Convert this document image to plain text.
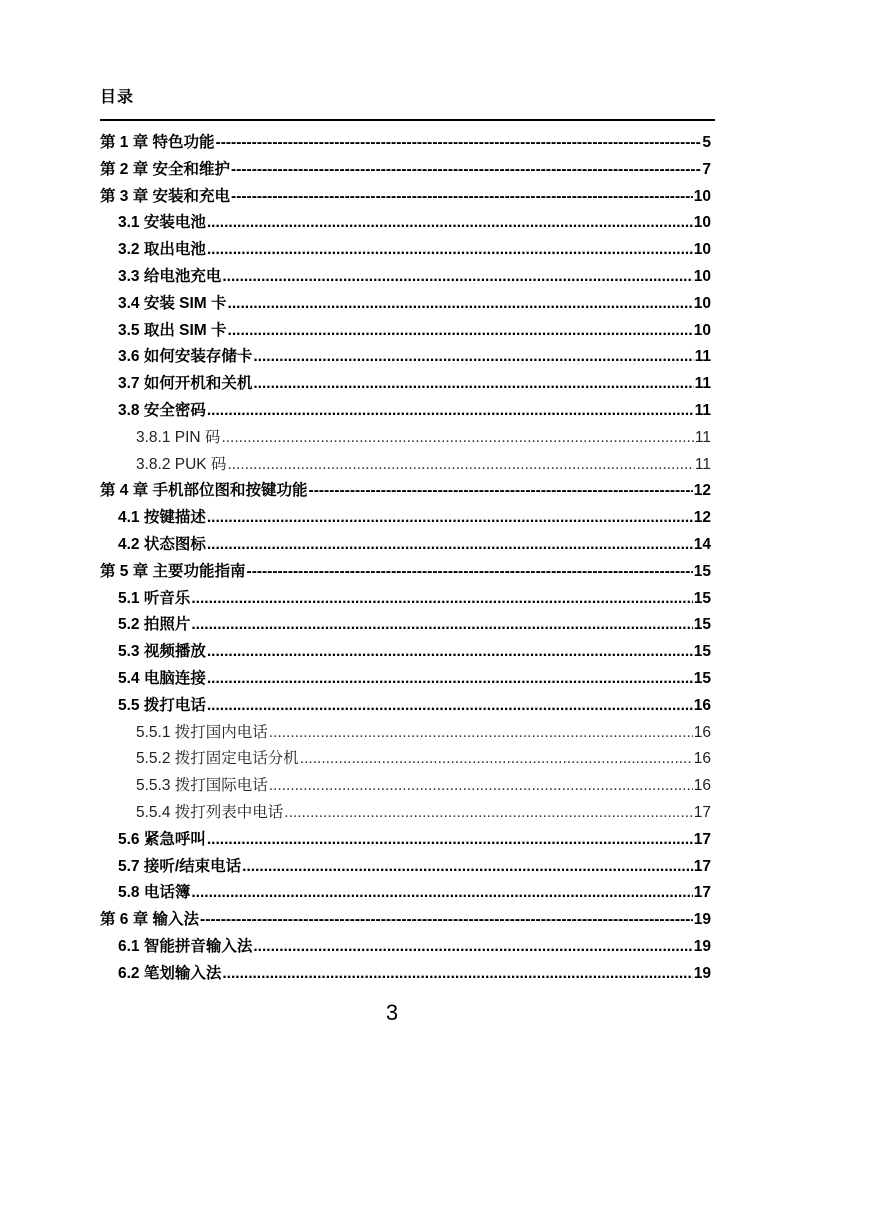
目录
第 1 章 特色功能 -----	5
第 2 章 安全和维护 -----	7
第 3 章 安装和充电 -----	10
3.1 安装电池 .....	10
3.2 取出电池 .....	10
3.3 给电池充电 .....	10
3.4 安装 SIM 卡 .....	10
3.5 取出 SIM 卡 .....	10
3.6 如何安装存储卡 .....	11
3.7 如何开机和关机 .....	11
3.8 安全密码 .....	11
3.8.1 PIN 码 .....	11
3.8.2 PUK 码 .....	11
第 4 章 手机部位图和按键功能 -----	12
4.1 按键描述 .....	12
4.2 状态图标 .....	14
第 5 章 主要功能指南 -----	15
5.1 听音乐 .....	15
5.2 拍照片 .....	15
5.3 视频播放 .....	15
5.4 电脑连接 .....	15
5.5 拨打电话 .....	16
5.5.1 拨打国内电话 .....	16
5.5.2 拨打固定电话分机 .....	16
5.5.3 拨打国际电话 .....	16
5.5.4 拨打列表中电话 .....	17
5.6 紧急呼叫 .....	17
5.7 接听/结束电话 .....	17
5.8 电话簿 .....	17
第 6 章 输入法 -----	19
6.1 智能拼音输入法 .....	19
6.2 笔划输入法 .....	19
3
